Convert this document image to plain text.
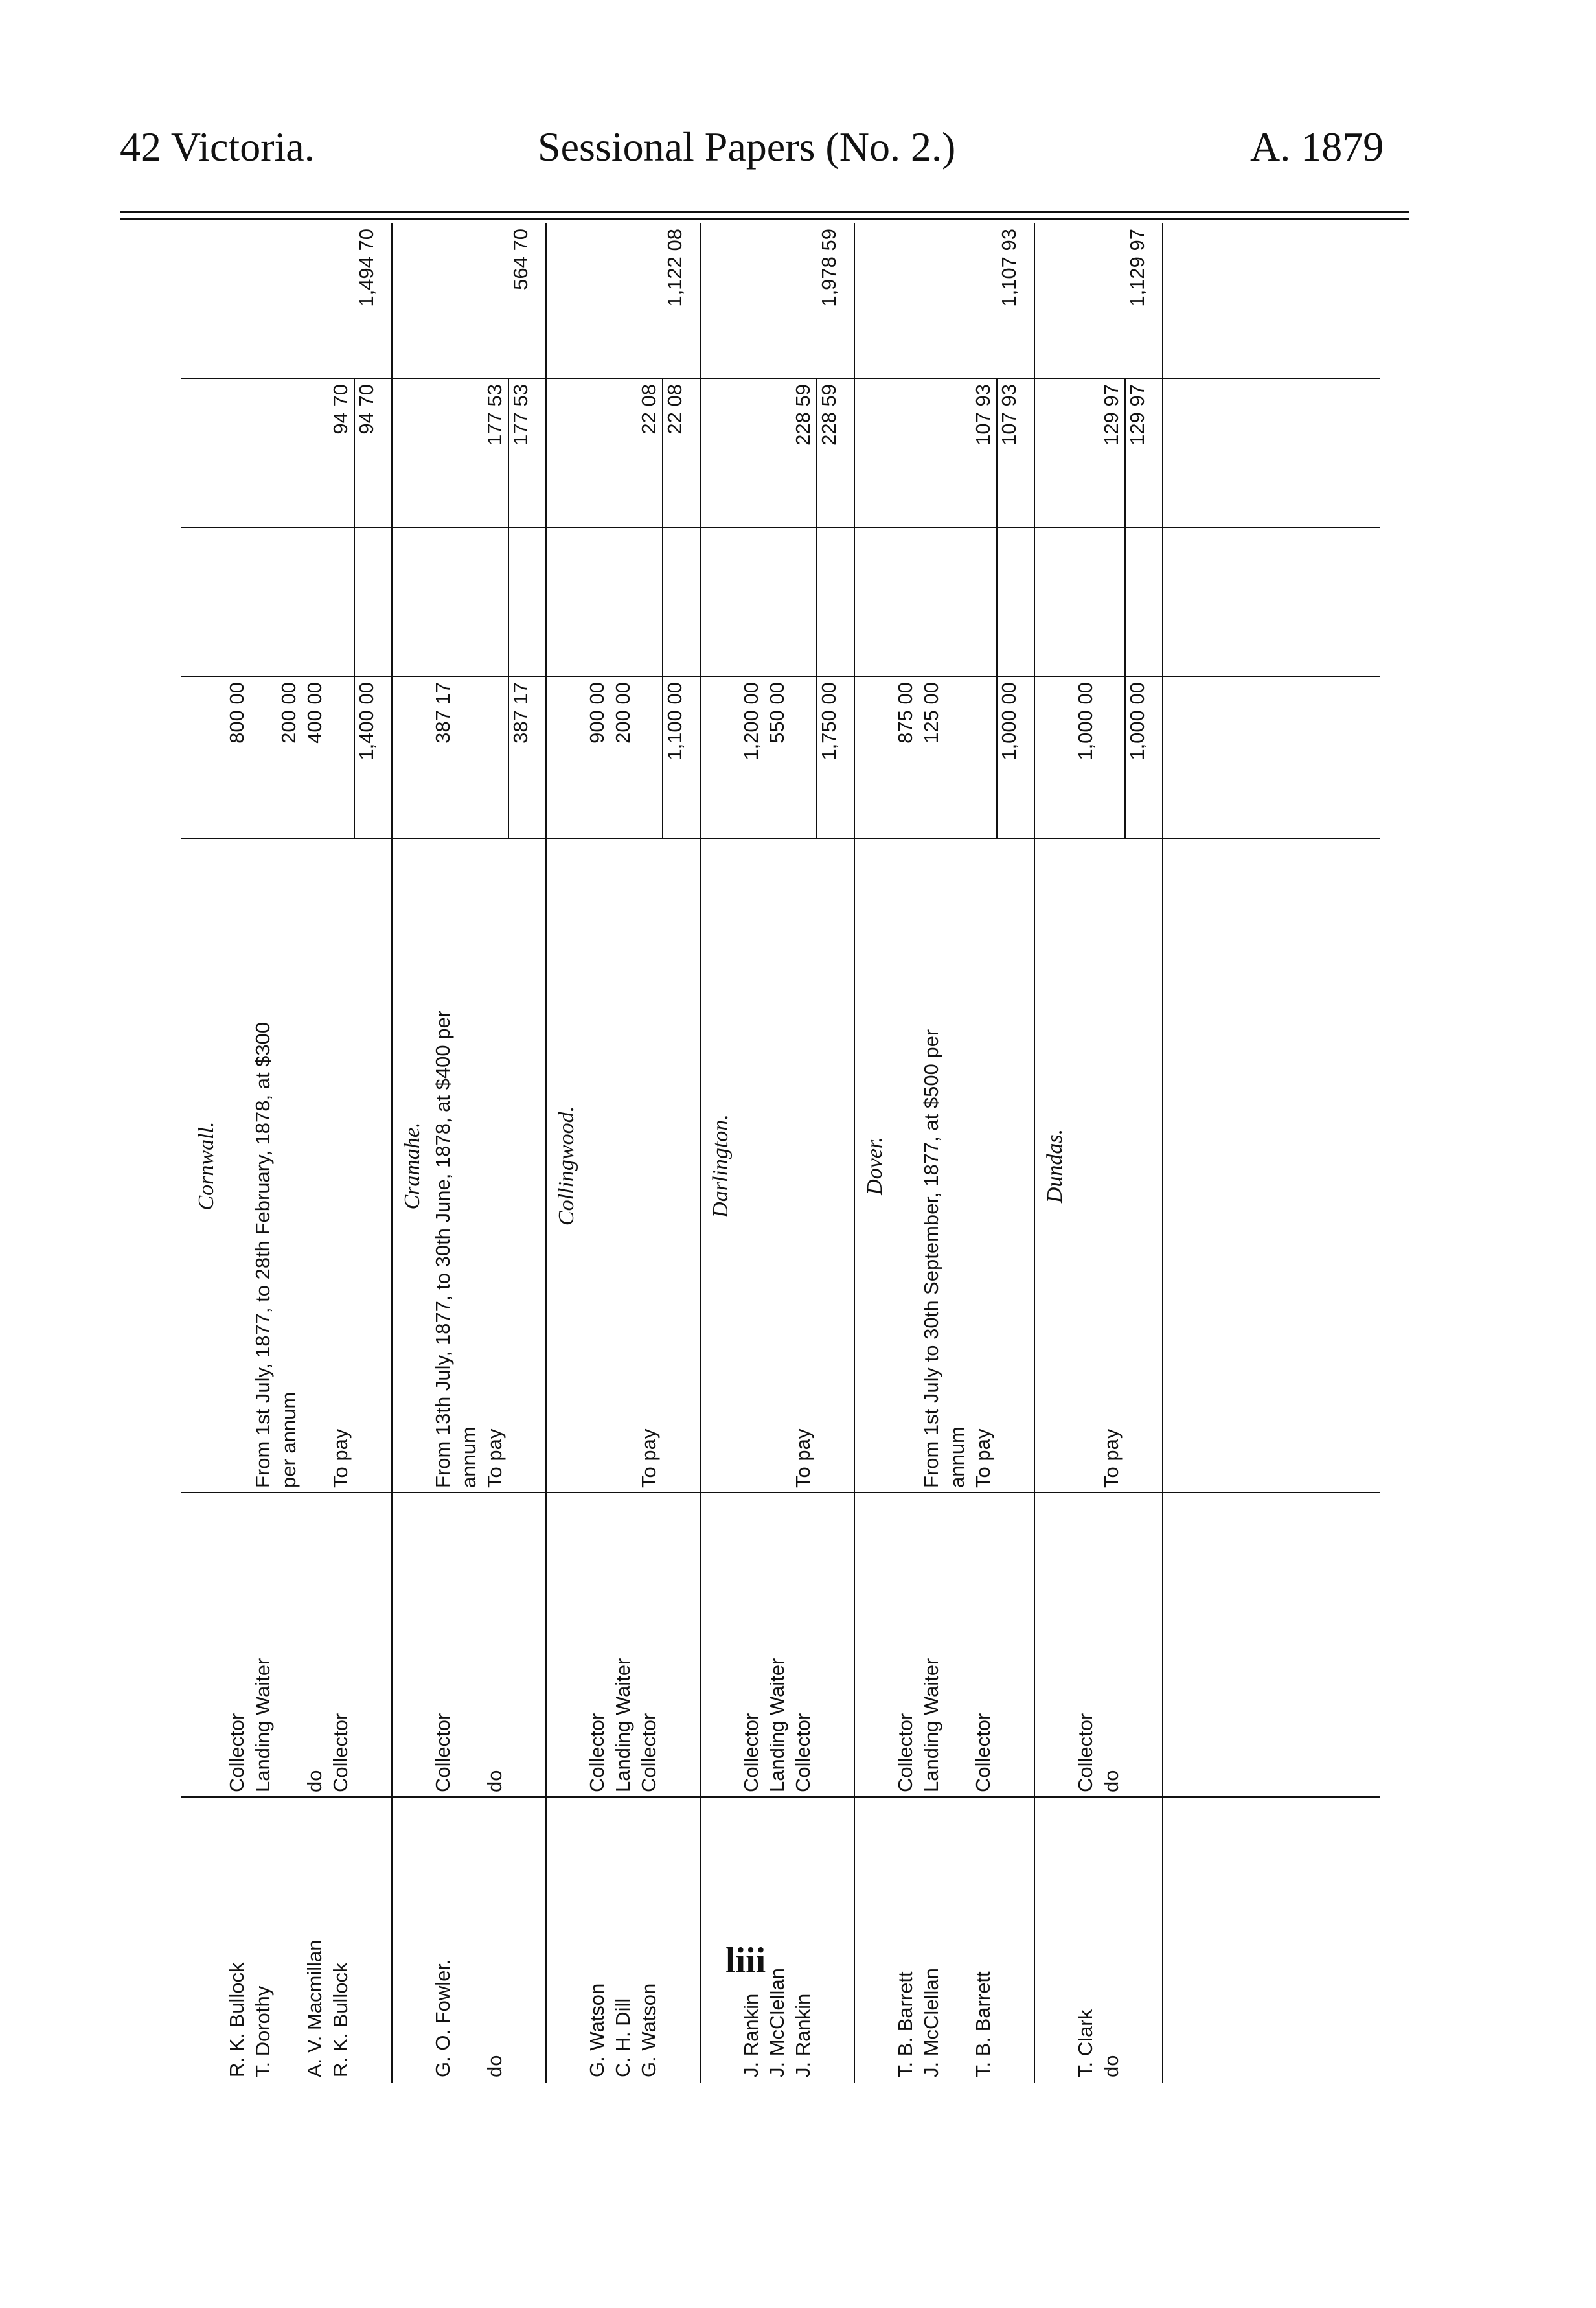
42 Victoria.	Sessional Papers (No. 2.)	A. 1879
Cornwall.
R. K. Bullock
Collector
800 00
T. Dorothy
Landing Waiter
From 1st July, 1877, to 28th February, 1878, at $300 per annum
200 00
A. V. Macmillan
do
400 00
R. K. Bullock
Collector
To pay
94 70
1,400 00
94 70
1,494 70
Cramahe.
G. O. Fowler.
Collector
From 13th July, 1877, to 30th June, 1878, at $400 per
387 17
annum
do
do
To pay
177 53
387 17
177 53
564 70
Collingwood.
G. Watson
Collector
900 00
C. H. Dill
Landing Waiter
200 00
G. Watson
Collector
To pay
22 08
1,100 00
22 08
1,122 08
Darlington.
J. Rankin
Collector
1,200 00
J. McClellan
Landing Waiter
550 00
J. Rankin
Collector
To pay
228 59
1,750 00
228 59
1,978 59
Dover.
T. B. Barrett
Collector
875 00
J. McClellan
Landing Waiter
From 1st July to 30th September, 1877, at $500 per
125 00
annum
T. B. Barrett
Collector
To pay
107 93
1,000 00
107 93
1,107 93
Dundas.
T. Clark
Collector
1,000 00
do
do
To pay
129 97
1,000 00
129 97
1,129 97
liii
